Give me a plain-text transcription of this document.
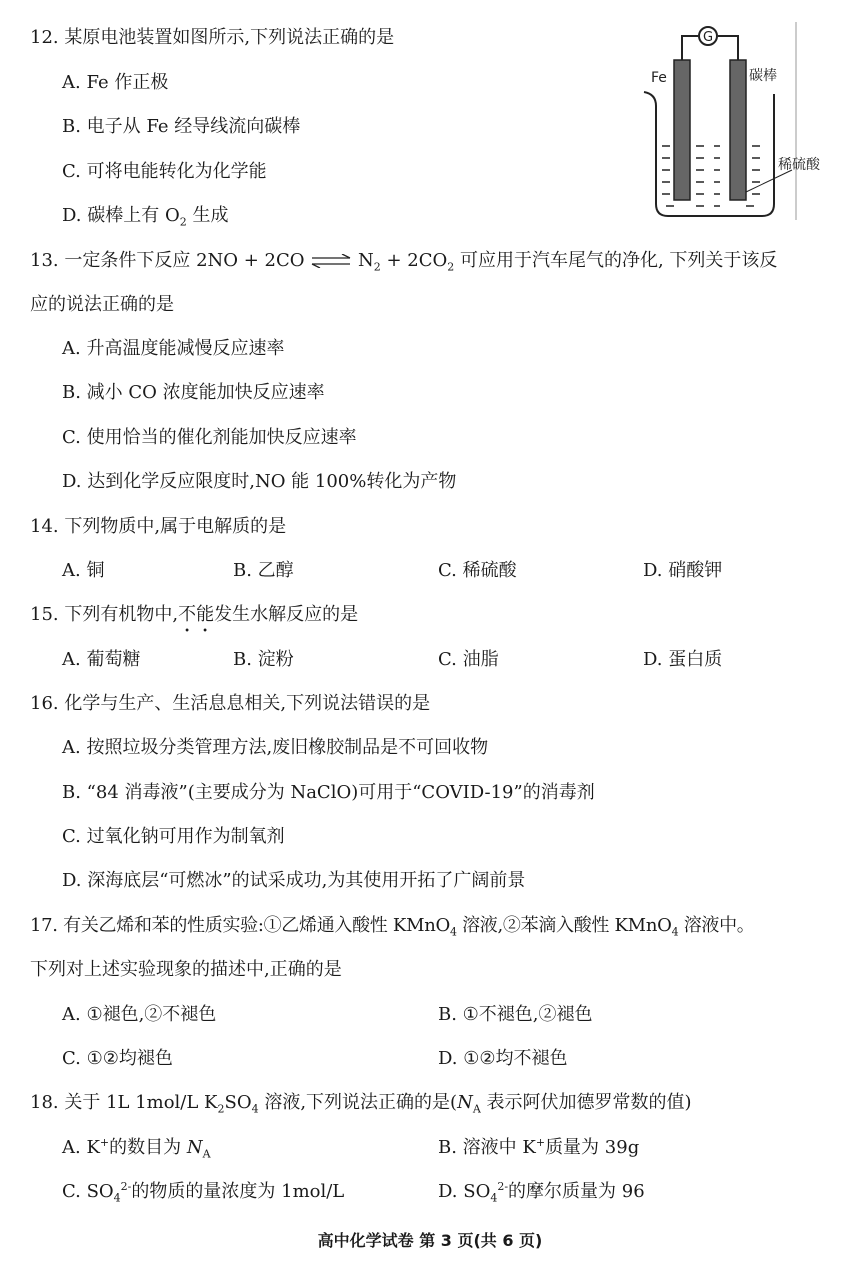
12. 某原电池装置如图所示,下列说法正确的是
A. Fe 作正极
B. 电子从 Fe 经导线流向碳棒
C. 可将电能转化为化学能
D. 碳棒上有 $O_2$ 生成
G
Fe	碳棒
稀硫酸
13. 一定条件下反应 2NO + 2CO ⇌ $N_2 + 2CO_2$ 可应用于汽车尾气的净化, 下列关于该反
应的说法正确的是
A. 升高温度能减慢反应速率
B. 减小 CO 浓度能加快反应速率
C. 使用恰当的催化剂能加快反应速率
D. 达到化学反应限度时,NO 能 100%转化为产物
14. 下列物质中,属于电解质的是
A. 铜	B. 乙醇	C. 稀硫酸	D. 硝酸钾
15. 下列有机物中,不能发生水解反应的是
A. 葡萄糖	B. 淀粉	C. 油脂	D. 蛋白质
16. 化学与生产、生活息息相关,下列说法错误的是
A. 按照垃圾分类管理方法,废旧橡胶制品是不可回收物
B. “84 消毒液”(主要成分为 NaClO)可用于“COVID-19”的消毒剂
C. 过氧化钠可用作为制氧剂
D. 深海底层“可燃冰”的试采成功,为其使用开拓了广阔前景
17. 有关乙烯和苯的性质实验:①乙烯通入酸性 KMnO$_4$ 溶液,②苯滴入酸性 KMnO$_4$ 溶液中。
下列对上述实验现象的描述中,正确的是
A. ①褪色,②不褪色	B. ①不褪色,②褪色
C. ①②均褪色	D. ①②均不褪色
18. 关于 1L 1mol/L $K_2SO_4$ 溶液,下列说法正确的是($N_A$ 表示阿伏加德罗常数的值)
A. K+的数目为 $N_A$	B. 溶液中 K+质量为 39g
C. $SO_4^{2-}$的物质的量浓度为 1mol/L	D. $SO_4^{2-}$的摩尔质量为 96
高中化学试卷 第 3 页(共 6 页)
